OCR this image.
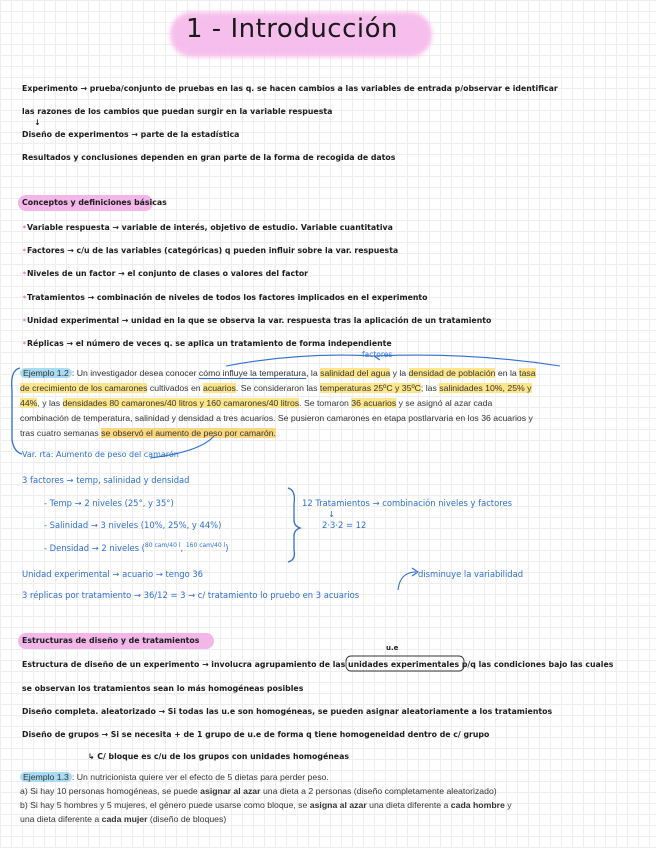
1 - Introducción
Experimento → prueba/conjunto de pruebas en las q. se hacen cambios a las variables de entrada p/observar e identificar
las razones de los cambios que puedan surgir en la variable respuesta
↓
Diseño de experimentos → parte de la estadística
Resultados y conclusiones dependen en gran parte de la forma de recogida de datos
Conceptos y definiciones básicas
•Variable respuesta → variable de interés, objetivo de estudio. Variable cuantitativa
•Factores → c/u de las variables (categóricas) q pueden influir sobre la var. respuesta
•Niveles de un factor → el conjunto de clases o valores del factor
•Tratamientos → combinación de niveles de todos los factores implicados en el experimento
•Unidad experimental → unidad en la que se observa la var. respuesta tras la aplicación de un tratamiento
•Réplicas → el número de veces q. se aplica un tratamiento de forma independiente
factores
Ejemplo 1.2 : Un investigador desea conocer cómo influye la temperatura, la salinidad del agua y la densidad de población en la tasa
de crecimiento de los camarones cultivados en acuarios. Se consideraron las temperaturas 25ºC y 35ºC; las salinidades 10%, 25% y
44%, y las densidades 80 camarones/40 litros y 160 camarones/40 litros. Se tomaron 36 acuarios y se asignó al azar cada
combinación de temperatura, salinidad y densidad a tres acuarios. Se pusieron camarones en etapa postlarvaria en los 36 acuarios y
tras cuatro semanas se observó el aumento de peso por camarón.
Var. rta: Aumento de peso del camarón
3 factores → temp, salinidad y densidad
- Temp → 2 niveles (25°, y 35°)
- Salinidad → 3 niveles (10%, 25%, y 44%)
- Densidad → 2 niveles ($^{80 cam/40 l}$, $^{160 cam/40 l}$)
12 Tratamientos → combinación niveles y factores
↓
2·3·2 = 12
Unidad experimental → acuario → tengo 36	disminuye la variabilidad
3 réplicas por tratamiento → 36/12 = 3 → c/ tratamiento lo pruebo en 3 acuarios
Estructuras de diseño y de tratamientos
u.e
Estructura de diseño de un experimento → involucra agrupamiento de las unidades experimentales p/q las condiciones bajo las cuales
se observan los tratamientos sean lo más homogéneas posibles
Diseño completa. aleatorizado → Si todas las u.e son homogéneas, se pueden asignar aleatoriamente a los tratamientos
Diseño de grupos → Si se necesita + de 1 grupo de u.e de forma q tiene homogeneidad dentro de c/ grupo
↳ C/ bloque es c/u de los grupos con unidades homogéneas
Ejemplo 1.3 : Un nutricionista quiere ver el efecto de 5 dietas para perder peso.
a) Si hay 10 personas homogéneas, se puede asignar al azar una dieta a 2 personas (diseño completamente aleatorizado)
b) Si hay 5 hombres y 5 mujeres, el género puede usarse como bloque, se asigna al azar una dieta diferente a cada hombre y
una dieta diferente a cada mujer (diseño de bloques)
